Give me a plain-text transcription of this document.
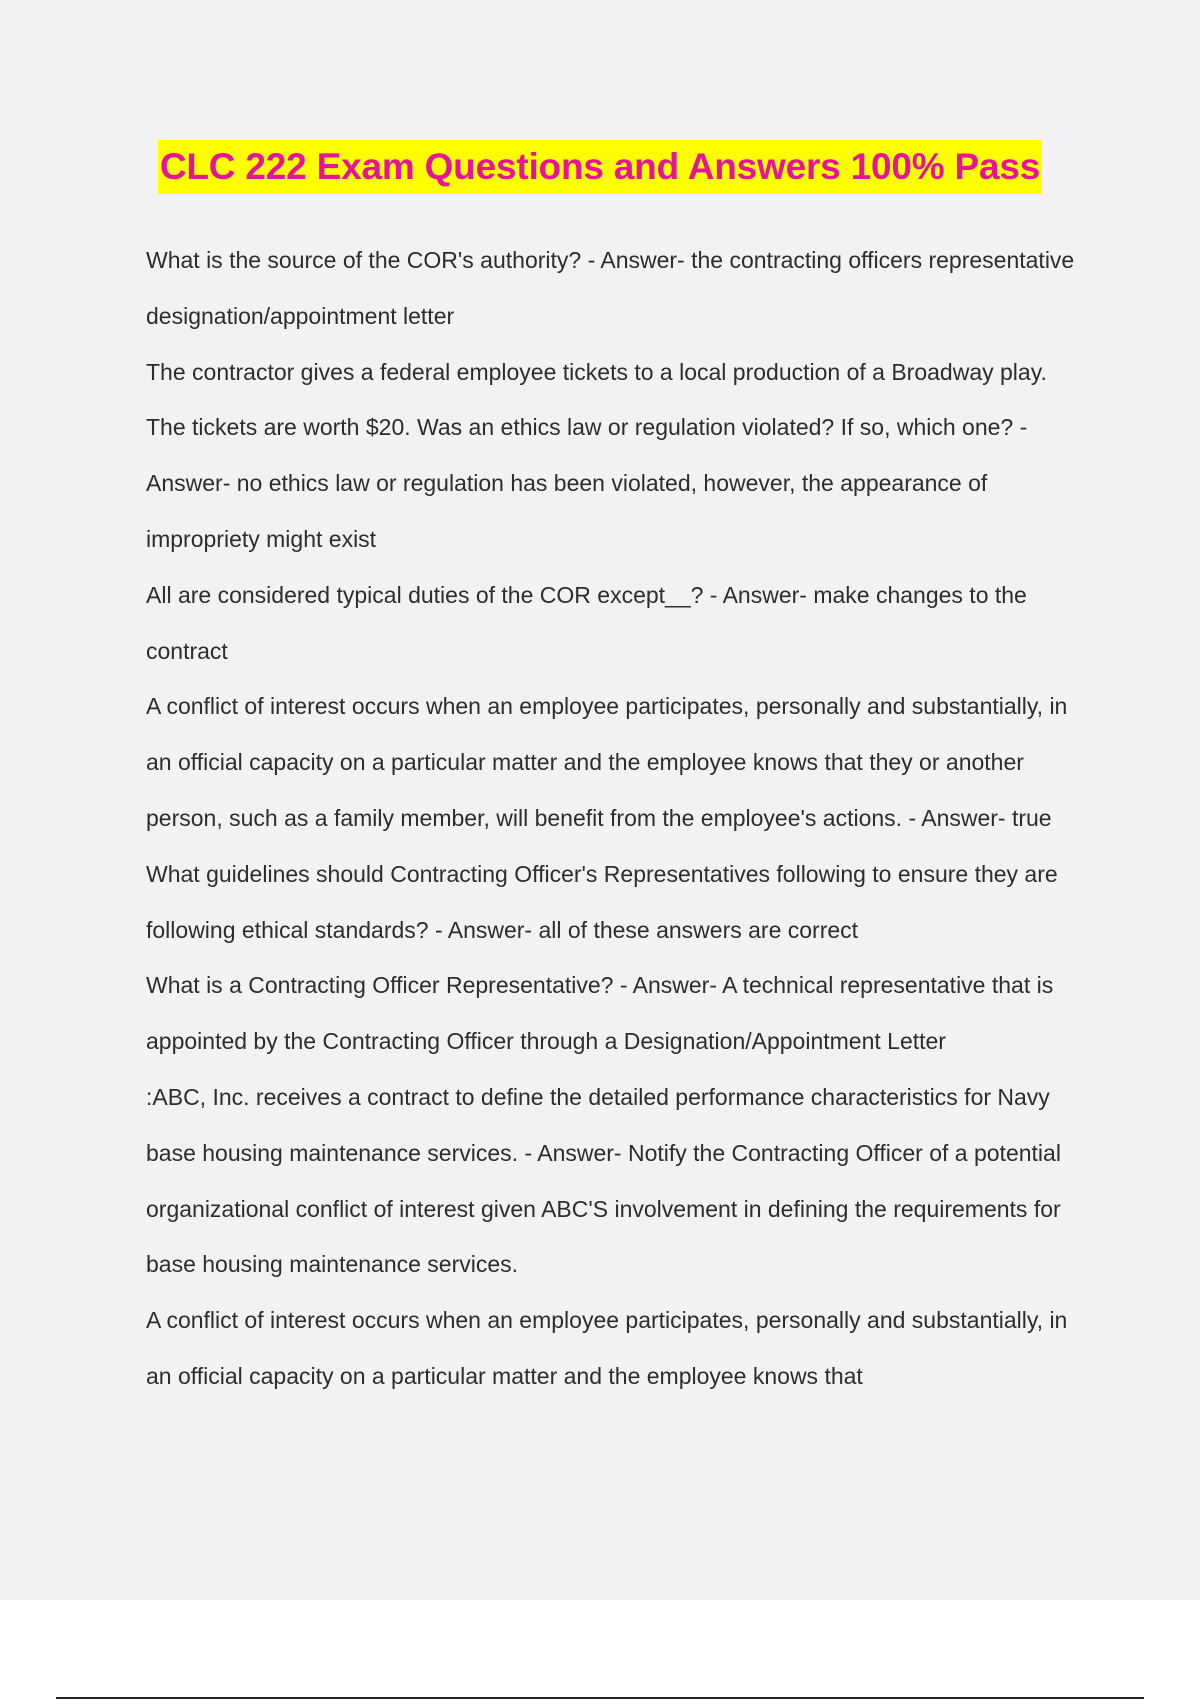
CLC 222 Exam Questions and Answers 100% Pass

What is the source of the COR's authority? - Answer- the contracting officers representative designation/appointment letter

The contractor gives a federal employee tickets to a local production of a Broadway play. The tickets are worth $20. Was an ethics law or regulation violated? If so, which one? - Answer- no ethics law or regulation has been violated, however, the appearance of impropriety might exist

All are considered typical duties of the COR except__? - Answer- make changes to the contract

A conflict of interest occurs when an employee participates, personally and substantially, in an official capacity on a particular matter and the employee knows that they or another person, such as a family member, will benefit from the employee's actions. - Answer- true

What guidelines should Contracting Officer's Representatives following to ensure they are following ethical standards? - Answer- all of these answers are correct

What is a Contracting Officer Representative? - Answer- A technical representative that is appointed by the Contracting Officer through a Designation/Appointment Letter

:ABC, Inc. receives a contract to define the detailed performance characteristics for Navy base housing maintenance services. - Answer- Notify the Contracting Officer of a potential organizational conflict of interest given ABC'S involvement in defining the requirements for base housing maintenance services.

A conflict of interest occurs when an employee participates, personally and substantially, in an official capacity on a particular matter and the employee knows that
